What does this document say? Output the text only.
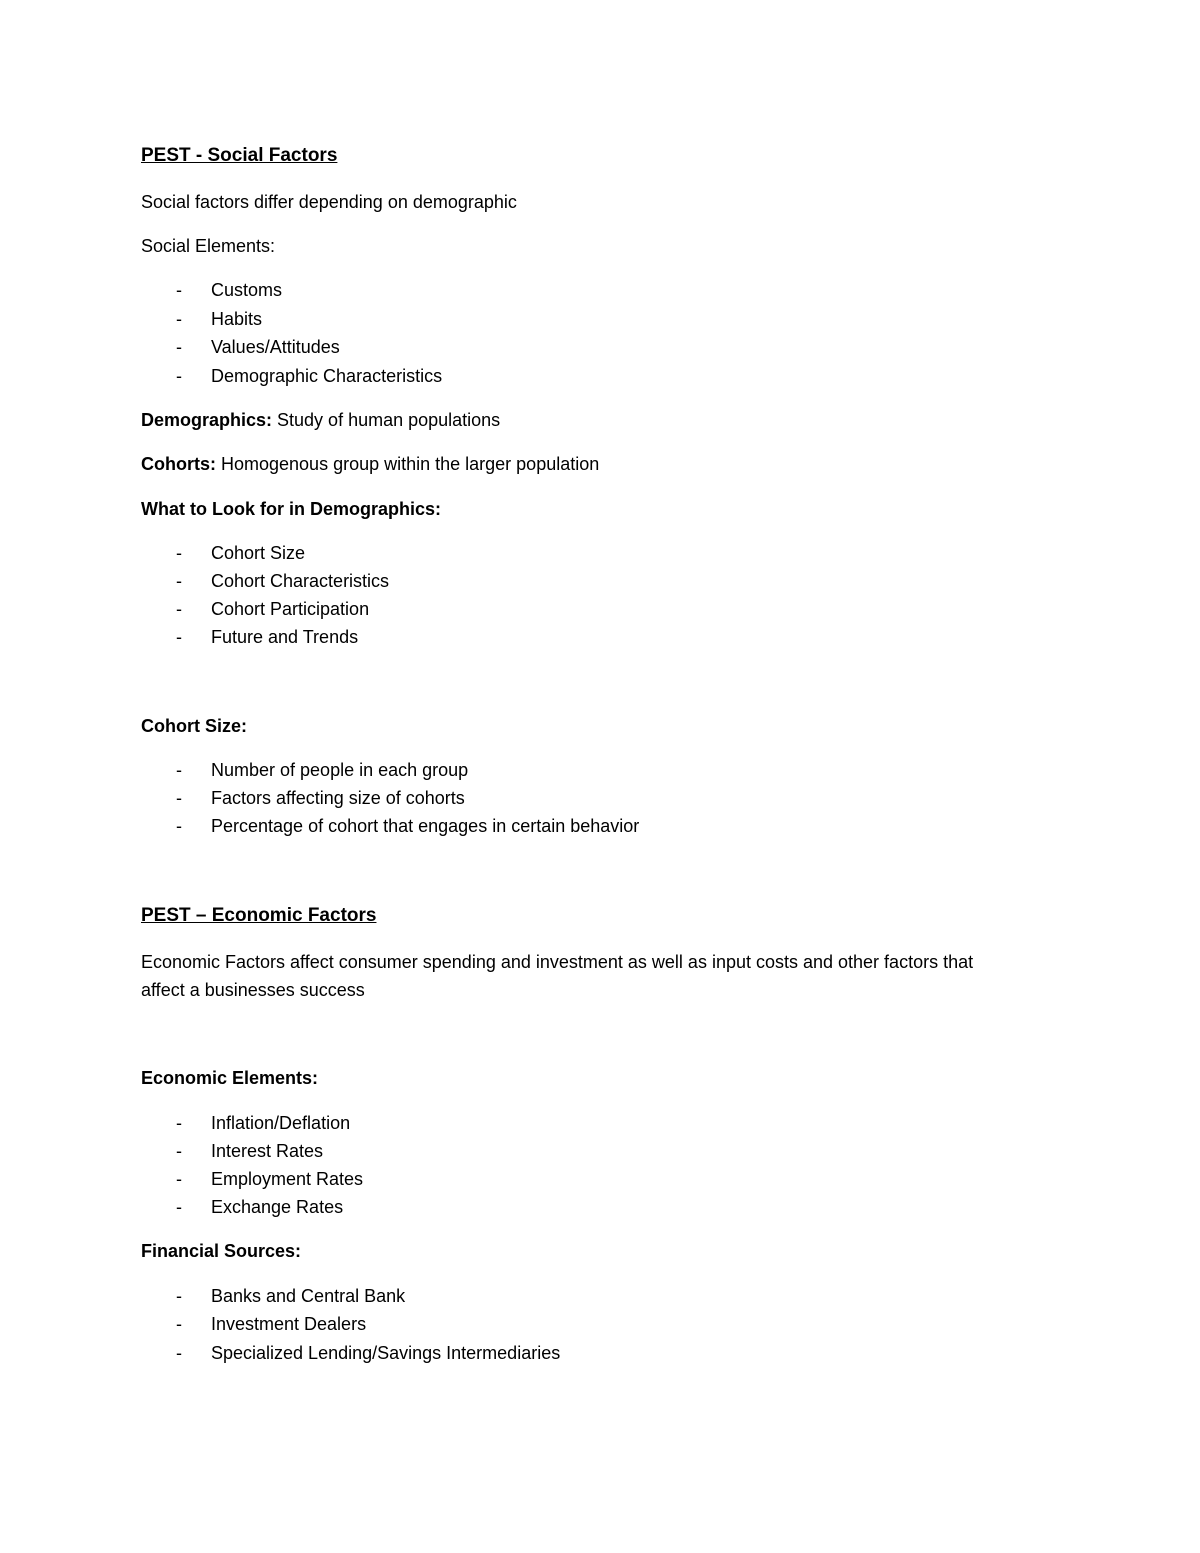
PEST - Social Factors
Social factors differ depending on demographic
Social Elements:
- Customs
- Habits
- Values/Attitudes
- Demographic Characteristics
Demographics: Study of human populations
Cohorts: Homogenous group within the larger population
What to Look for in Demographics:
- Cohort Size
- Cohort Characteristics
- Cohort Participation
- Future and Trends
Cohort Size:
- Number of people in each group
- Factors affecting size of cohorts
- Percentage of cohort that engages in certain behavior
PEST – Economic Factors
Economic Factors affect consumer spending and investment as well as input costs and other factors that
affect a businesses success
Economic Elements:
- Inflation/Deflation
- Interest Rates
- Employment Rates
- Exchange Rates
Financial Sources:
- Banks and Central Bank
- Investment Dealers
- Specialized Lending/Savings Intermediaries
